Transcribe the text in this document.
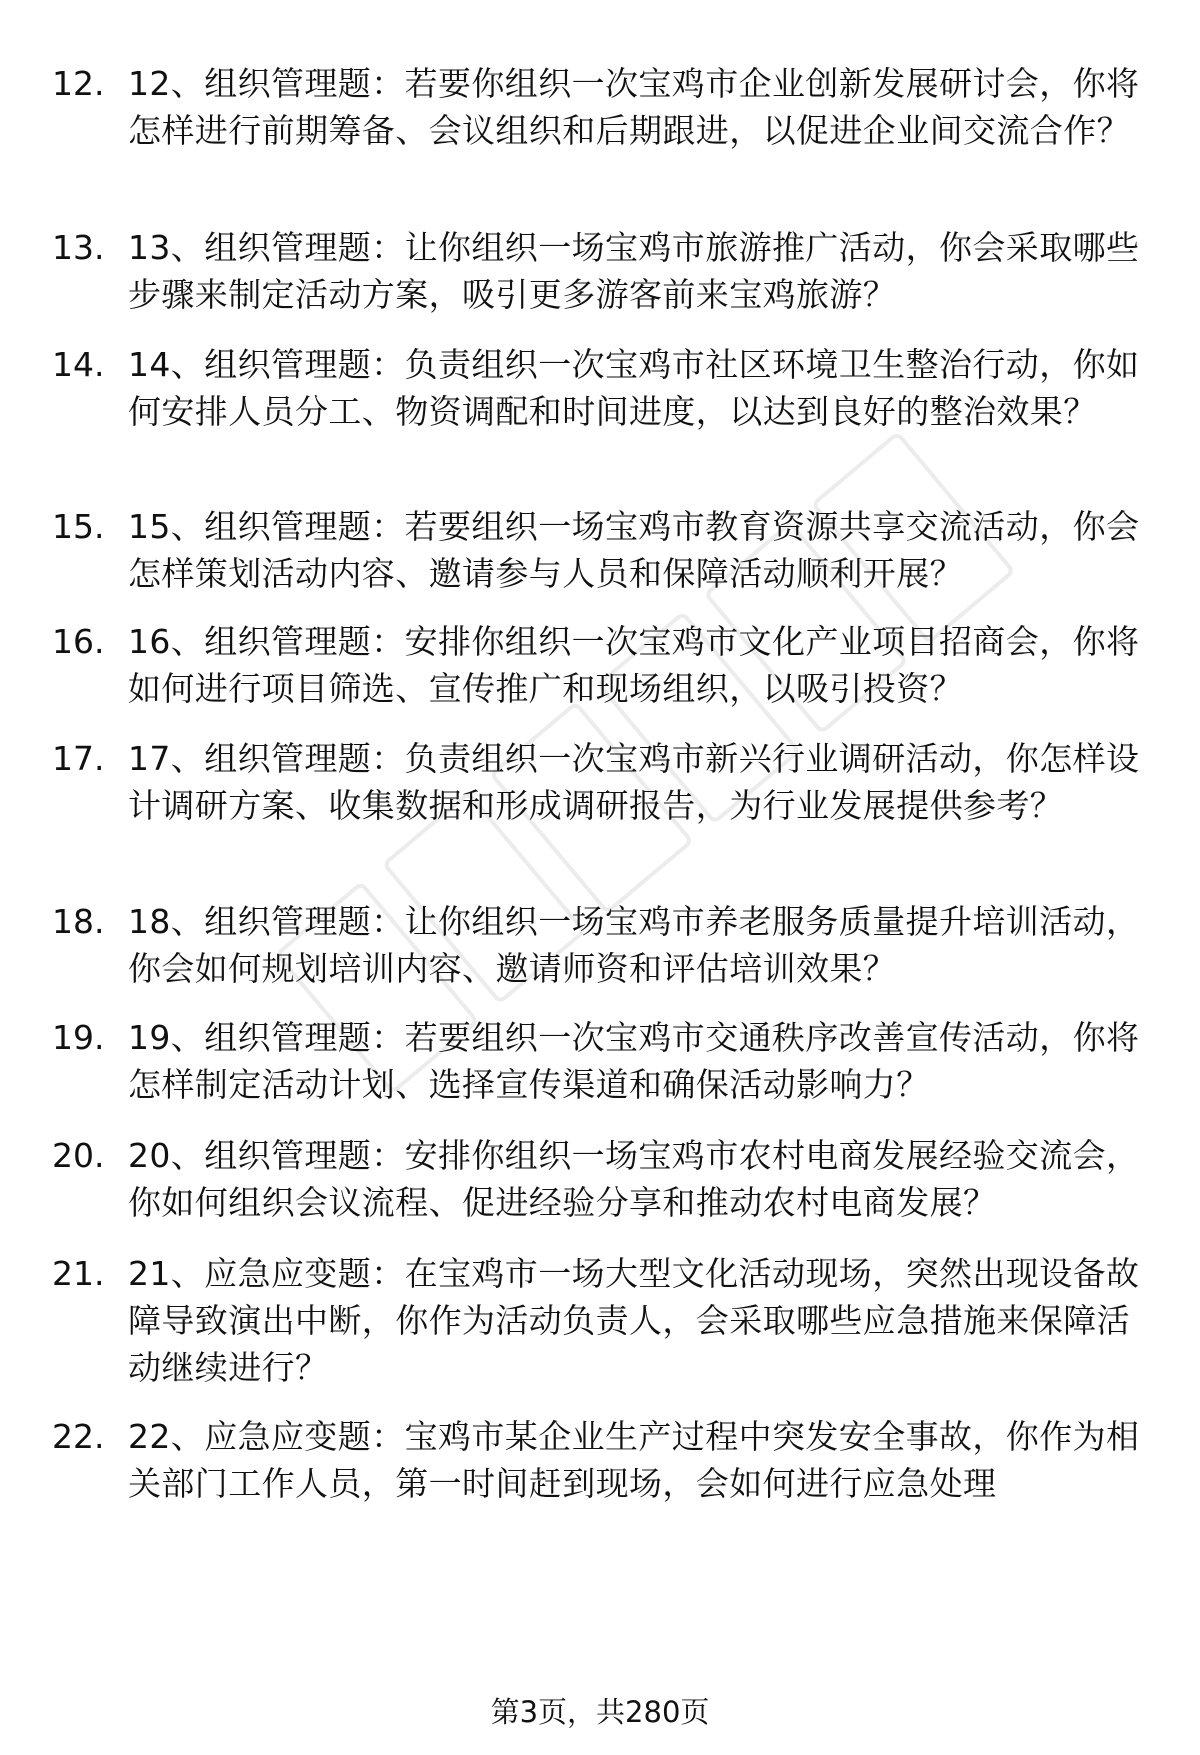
12. 12、组织管理题：若要你组织一次宝鸡市企业创新发展研讨会，你将怎样进行前期筹备、会议组织和后期跟进，以促进企业间交流合作？
13. 13、组织管理题：让你组织一场宝鸡市旅游推广活动，你会采取哪些步骤来制定活动方案，吸引更多游客前来宝鸡旅游？
14. 14、组织管理题：负责组织一次宝鸡市社区环境卫生整治行动，你如何安排人员分工、物资调配和时间进度，以达到良好的整治效果？
15. 15、组织管理题：若要组织一场宝鸡市教育资源共享交流活动，你会怎样策划活动内容、邀请参与人员和保障活动顺利开展？
16. 16、组织管理题：安排你组织一次宝鸡市文化产业项目招商会，你将如何进行项目筛选、宣传推广和现场组织，以吸引投资？
17. 17、组织管理题：负责组织一次宝鸡市新兴行业调研活动，你怎样设计调研方案、收集数据和形成调研报告，为行业发展提供参考？
18. 18、组织管理题：让你组织一场宝鸡市养老服务质量提升培训活动，你会如何规划培训内容、邀请师资和评估培训效果？
19. 19、组织管理题：若要组织一次宝鸡市交通秩序改善宣传活动，你将怎样制定活动计划、选择宣传渠道和确保活动影响力？
20. 20、组织管理题：安排你组织一场宝鸡市农村电商发展经验交流会，你如何组织会议流程、促进经验分享和推动农村电商发展？
21. 21、应急应变题：在宝鸡市一场大型文化活动现场，突然出现设备故障导致演出中断，你作为活动负责人，会采取哪些应急措施来保障活动继续进行？
22. 22、应急应变题：宝鸡市某企业生产过程中突发安全事故，你作为相关部门工作人员，第一时间赶到现场，会如何进行应急处理
第3页，共280页
